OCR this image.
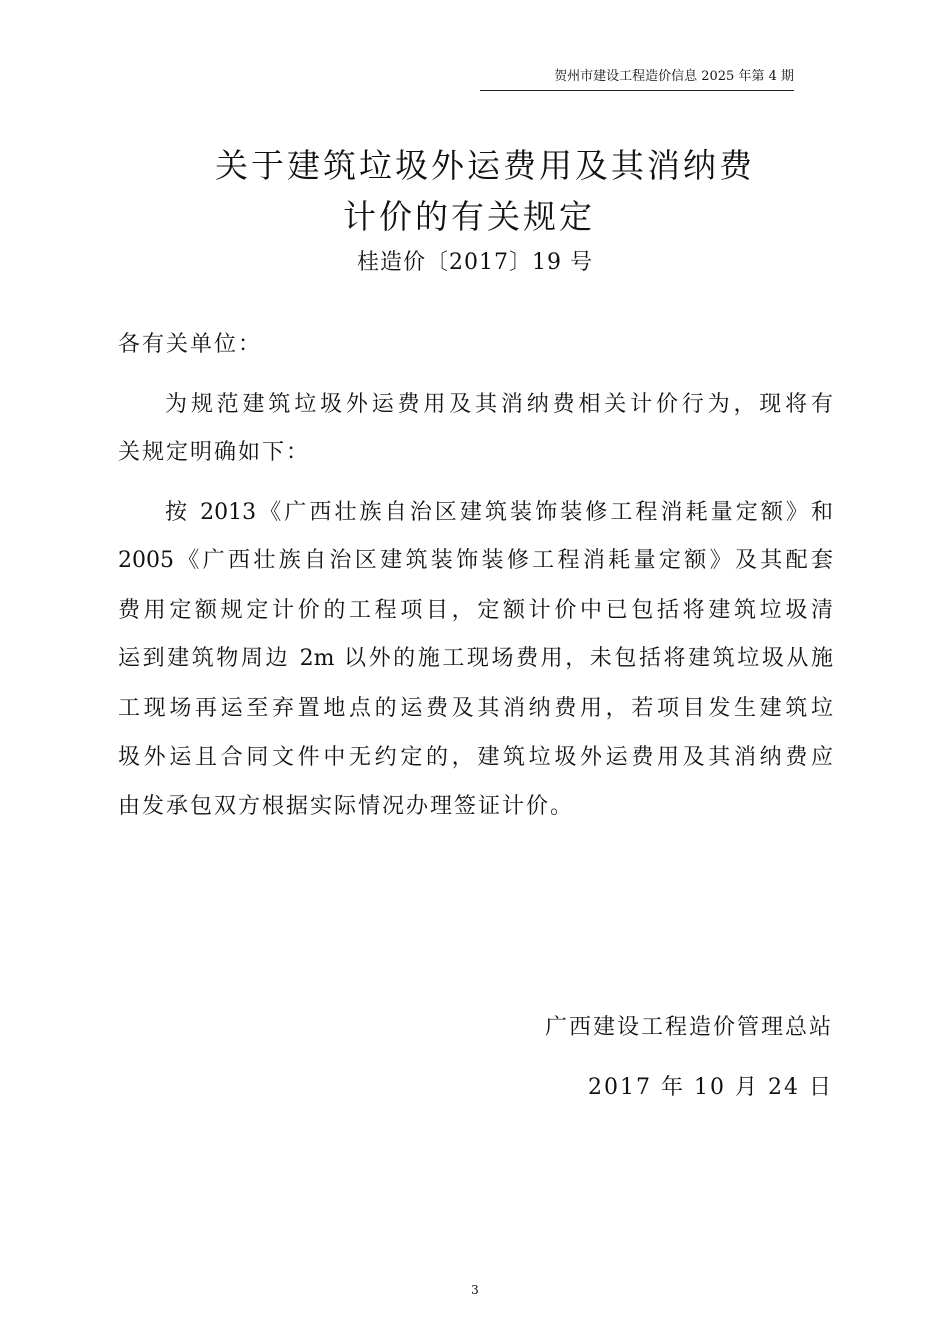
贺州市建设工程造价信息 2025 年第 4 期
关于建筑垃圾外运费用及其消纳费
计价的有关规定
桂造价〔2017〕19 号
各有关单位：
为规范建筑垃圾外运费用及其消纳费相关计价行为，现将有
关规定明确如下：
按 2013《广西壮族自治区建筑装饰装修工程消耗量定额》和
2005《广西壮族自治区建筑装饰装修工程消耗量定额》及其配套
费用定额规定计价的工程项目，定额计价中已包括将建筑垃圾清
运到建筑物周边 2m 以外的施工现场费用，未包括将建筑垃圾从施
工现场再运至弃置地点的运费及其消纳费用，若项目发生建筑垃
圾外运且合同文件中无约定的，建筑垃圾外运费用及其消纳费应
由发承包双方根据实际情况办理签证计价。
广西建设工程造价管理总站
2017 年 10 月 24 日
3
